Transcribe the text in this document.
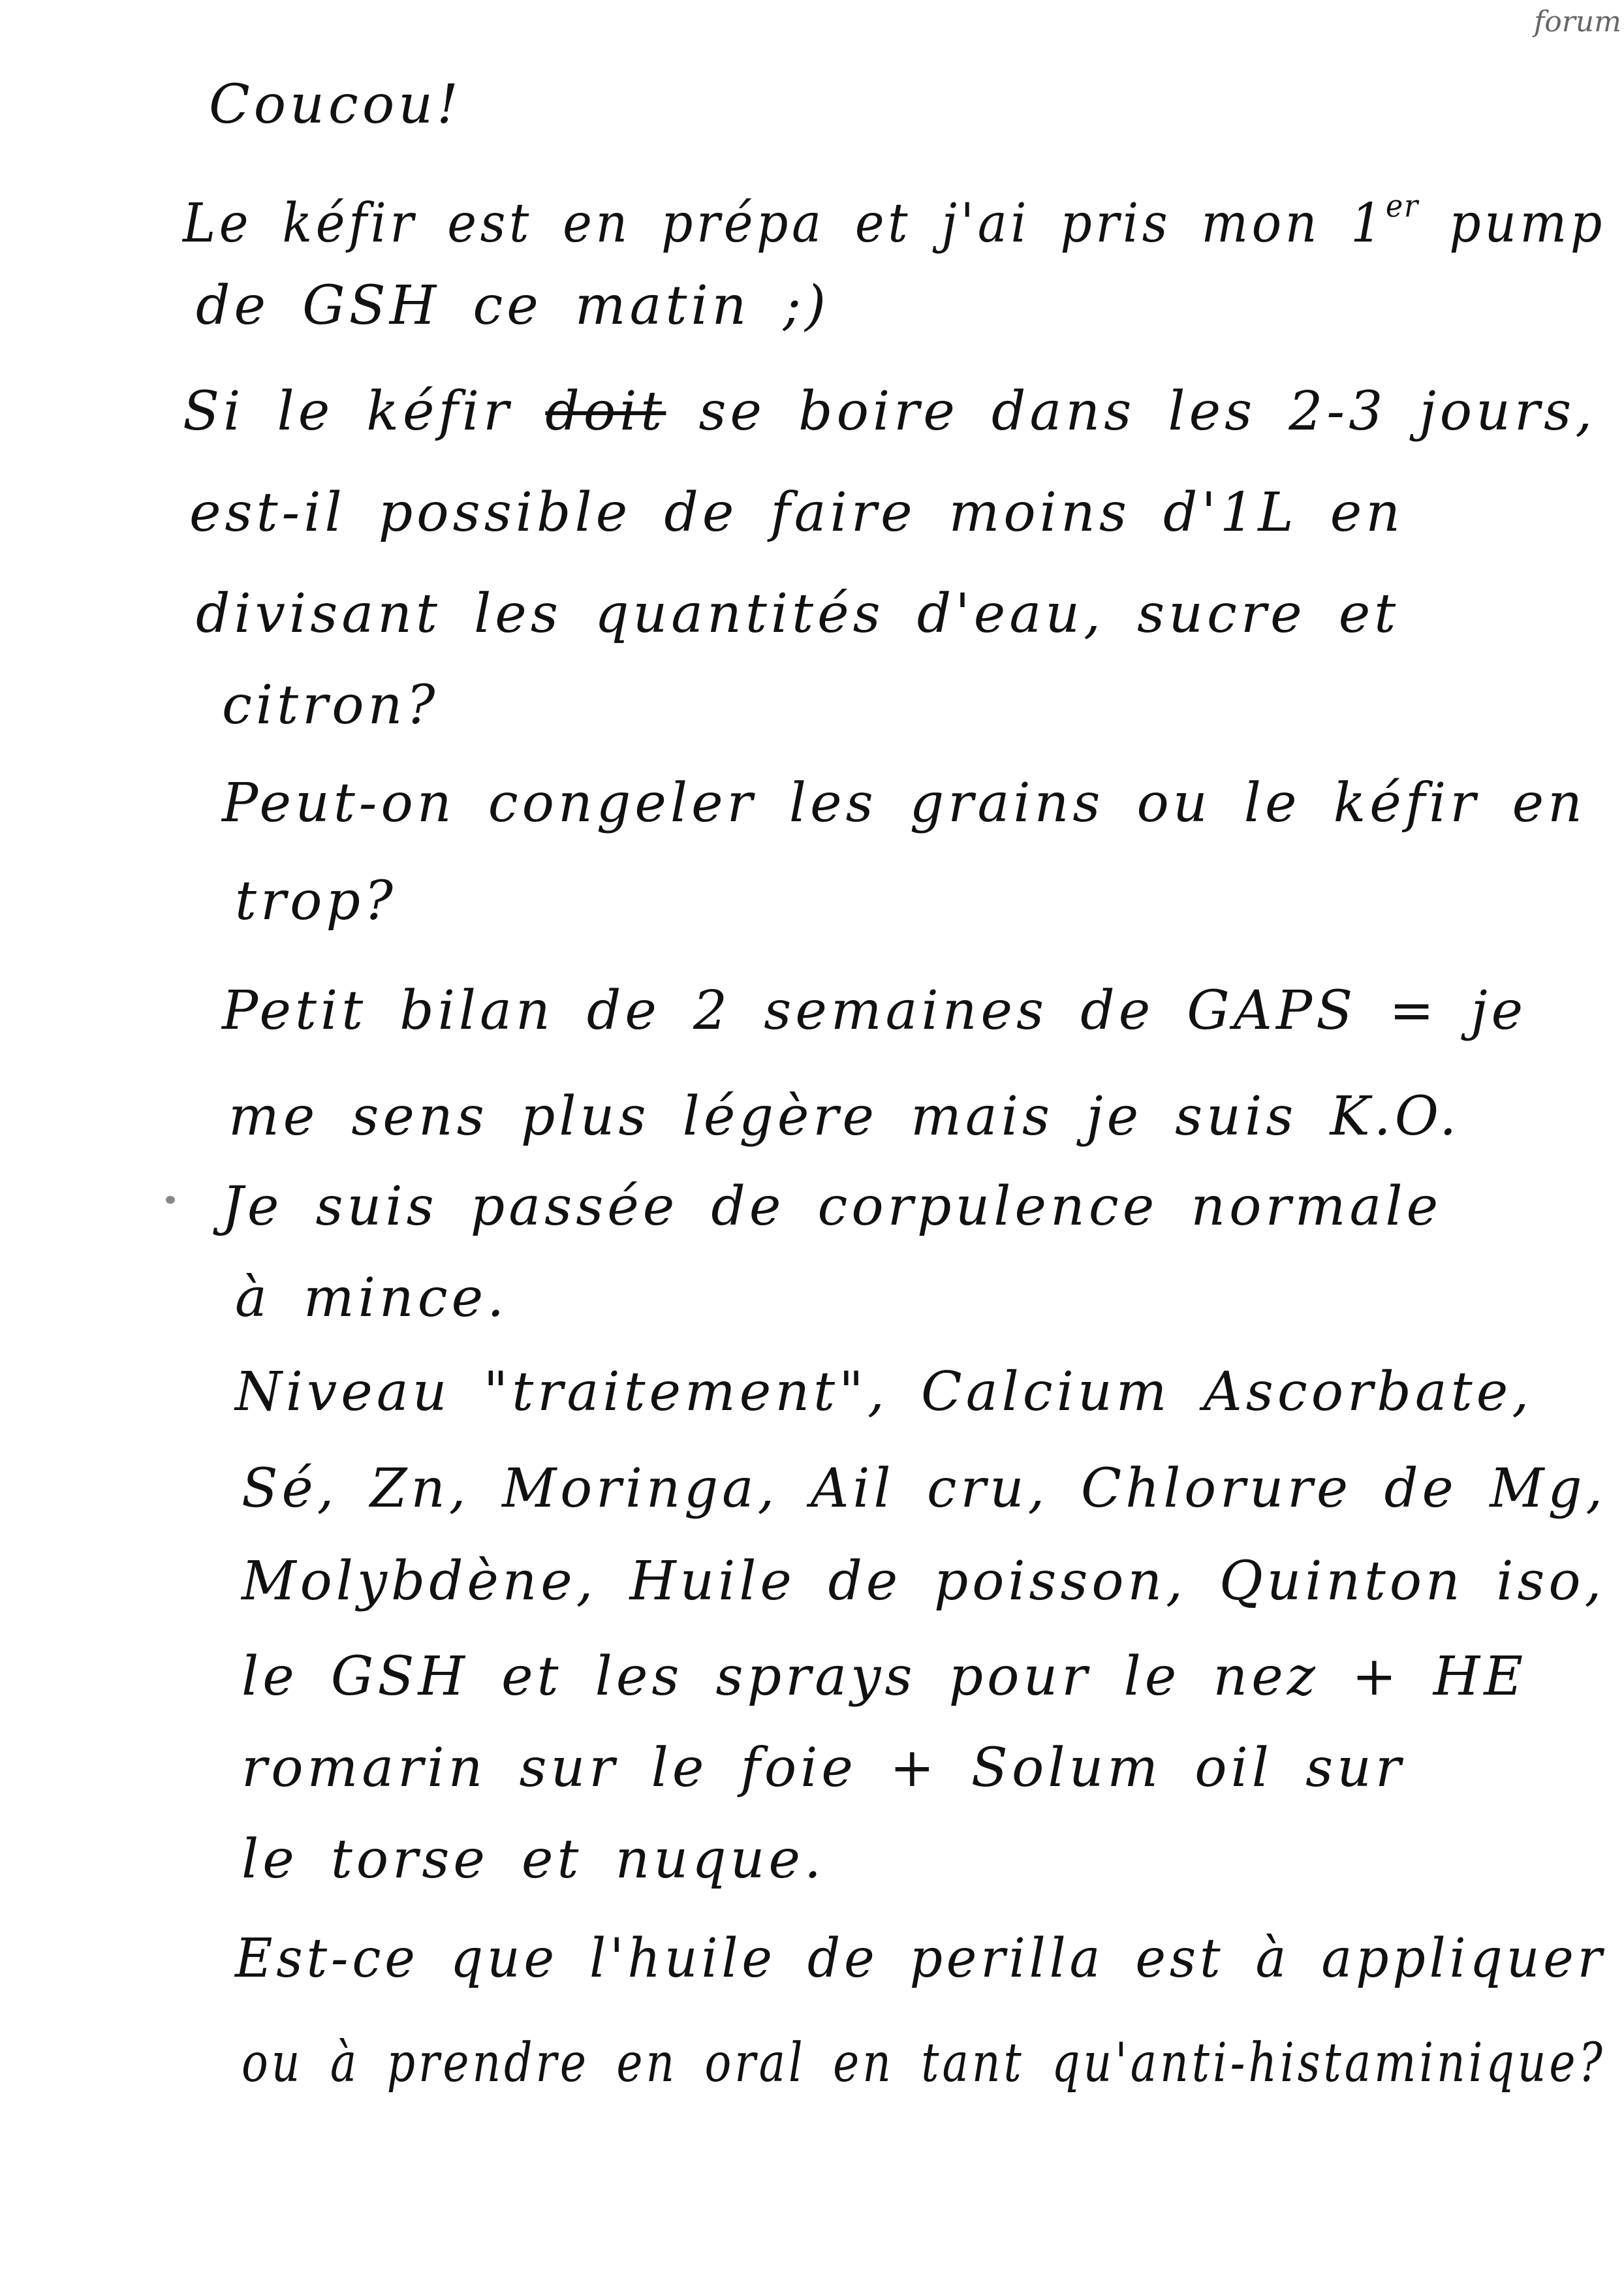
forum
Coucou!
Le kéfir est en prépa et j'ai pris mon 1er pump
de GSH ce matin ;)
Si le kéfir doit se boire dans les 2-3 jours,
est-il possible de faire moins d'1L en
divisant les quantités d'eau, sucre et
citron?
Peut-on congeler les grains ou le kéfir en
trop?
Petit bilan de 2 semaines de GAPS = je
me sens plus légère mais je suis K.O.
Je suis passée de corpulence normale
à mince.
Niveau "traitement", Calcium Ascorbate,
Sé, Zn, Moringa, Ail cru, Chlorure de Mg,
Molybdène, Huile de poisson, Quinton iso,
le GSH et les sprays pour le nez + HE
romarin sur le foie + Solum oil sur
le torse et nuque.
Est-ce que l'huile de perilla est à appliquer
ou à prendre en oral en tant qu'anti-histaminique?
